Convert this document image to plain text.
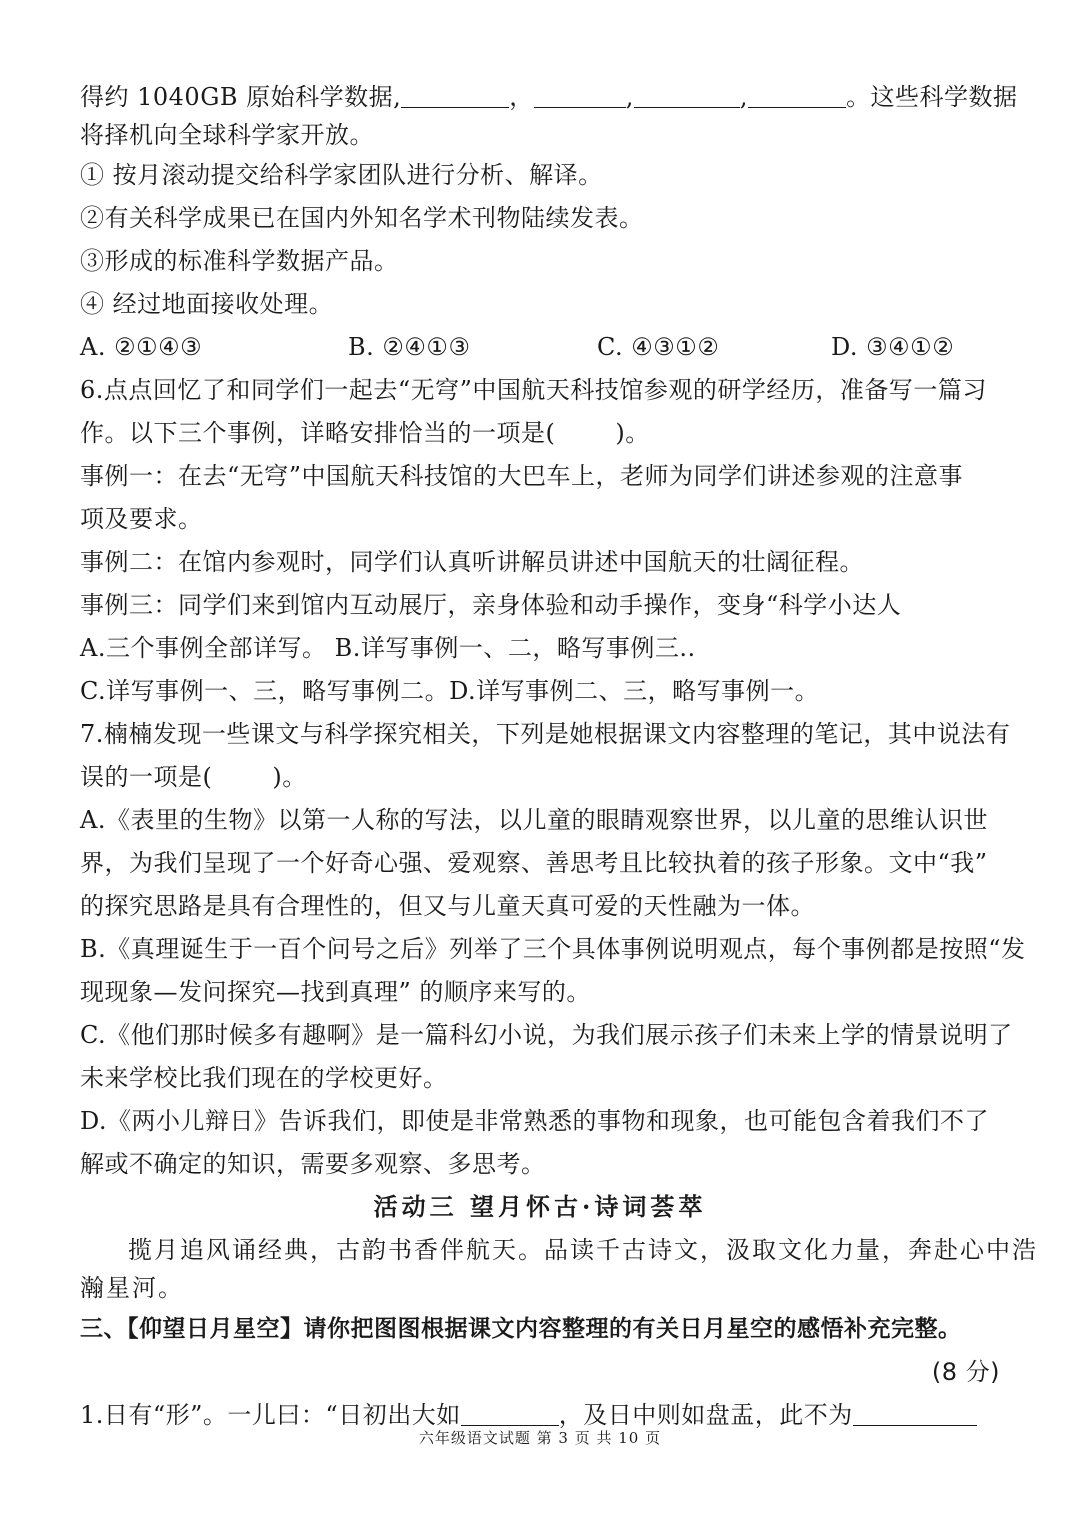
得约 1040GB 原始科学数据,	，	,	,	。这些科学数据
将择机向全球科学家开放。
① 按月滚动提交给科学家团队进行分析、解译。
②有关科学成果已在国内外知名学术刊物陆续发表。
③形成的标准科学数据产品。
④ 经过地面接收处理。
A. ②①④③	B. ②④①③	C. ④③①②	D. ③④①②
6.点点回忆了和同学们一起去“无穹”中国航天科技馆参观的研学经历，准备写一篇习
作。以下三个事例，详略安排恰当的一项是(	)。
事例一：在去“无穹”中国航天科技馆的大巴车上，老师为同学们讲述参观的注意事
项及要求。
事例二：在馆内参观时，同学们认真听讲解员讲述中国航天的壮阔征程。
事例三：同学们来到馆内互动展厅，亲身体验和动手操作，变身“科学小达人
A.三个事例全部详写。 B.详写事例一、二，略写事例三..
C.详写事例一、三，略写事例二。D.详写事例二、三，略写事例一。
7.楠楠发现一些课文与科学探究相关，下列是她根据课文内容整理的笔记，其中说法有
误的一项是(	)。
A.《表里的生物》以第一人称的写法，以儿童的眼睛观察世界，以儿童的思维认识世
界，为我们呈现了一个好奇心强、爱观察、善思考且比较执着的孩子形象。文中“我”
的探究思路是具有合理性的，但又与儿童天真可爱的天性融为一体。
B.《真理诞生于一百个问号之后》列举了三个具体事例说明观点，每个事例都是按照“发
现现象—发问探究—找到真理” 的顺序来写的。
C.《他们那时候多有趣啊》是一篇科幻小说，为我们展示孩子们未来上学的情景说明了
未来学校比我们现在的学校更好。
D.《两小儿辩日》告诉我们，即使是非常熟悉的事物和现象，也可能包含着我们不了
解或不确定的知识，需要多观察、多思考。
活动三 望月怀古·诗词荟萃
揽月追风诵经典，古韵书香伴航天。品读千古诗文，汲取文化力量，奔赴心中浩
瀚星河。
三、【仰望日月星空】请你把图图根据课文内容整理的有关日月星空的感悟补充完整。
(8 分)
1.日有“形”。一儿曰：“日初出大如	，及日中则如盘盂，此不为
六年级语文试题 第 3 页 共 10 页
